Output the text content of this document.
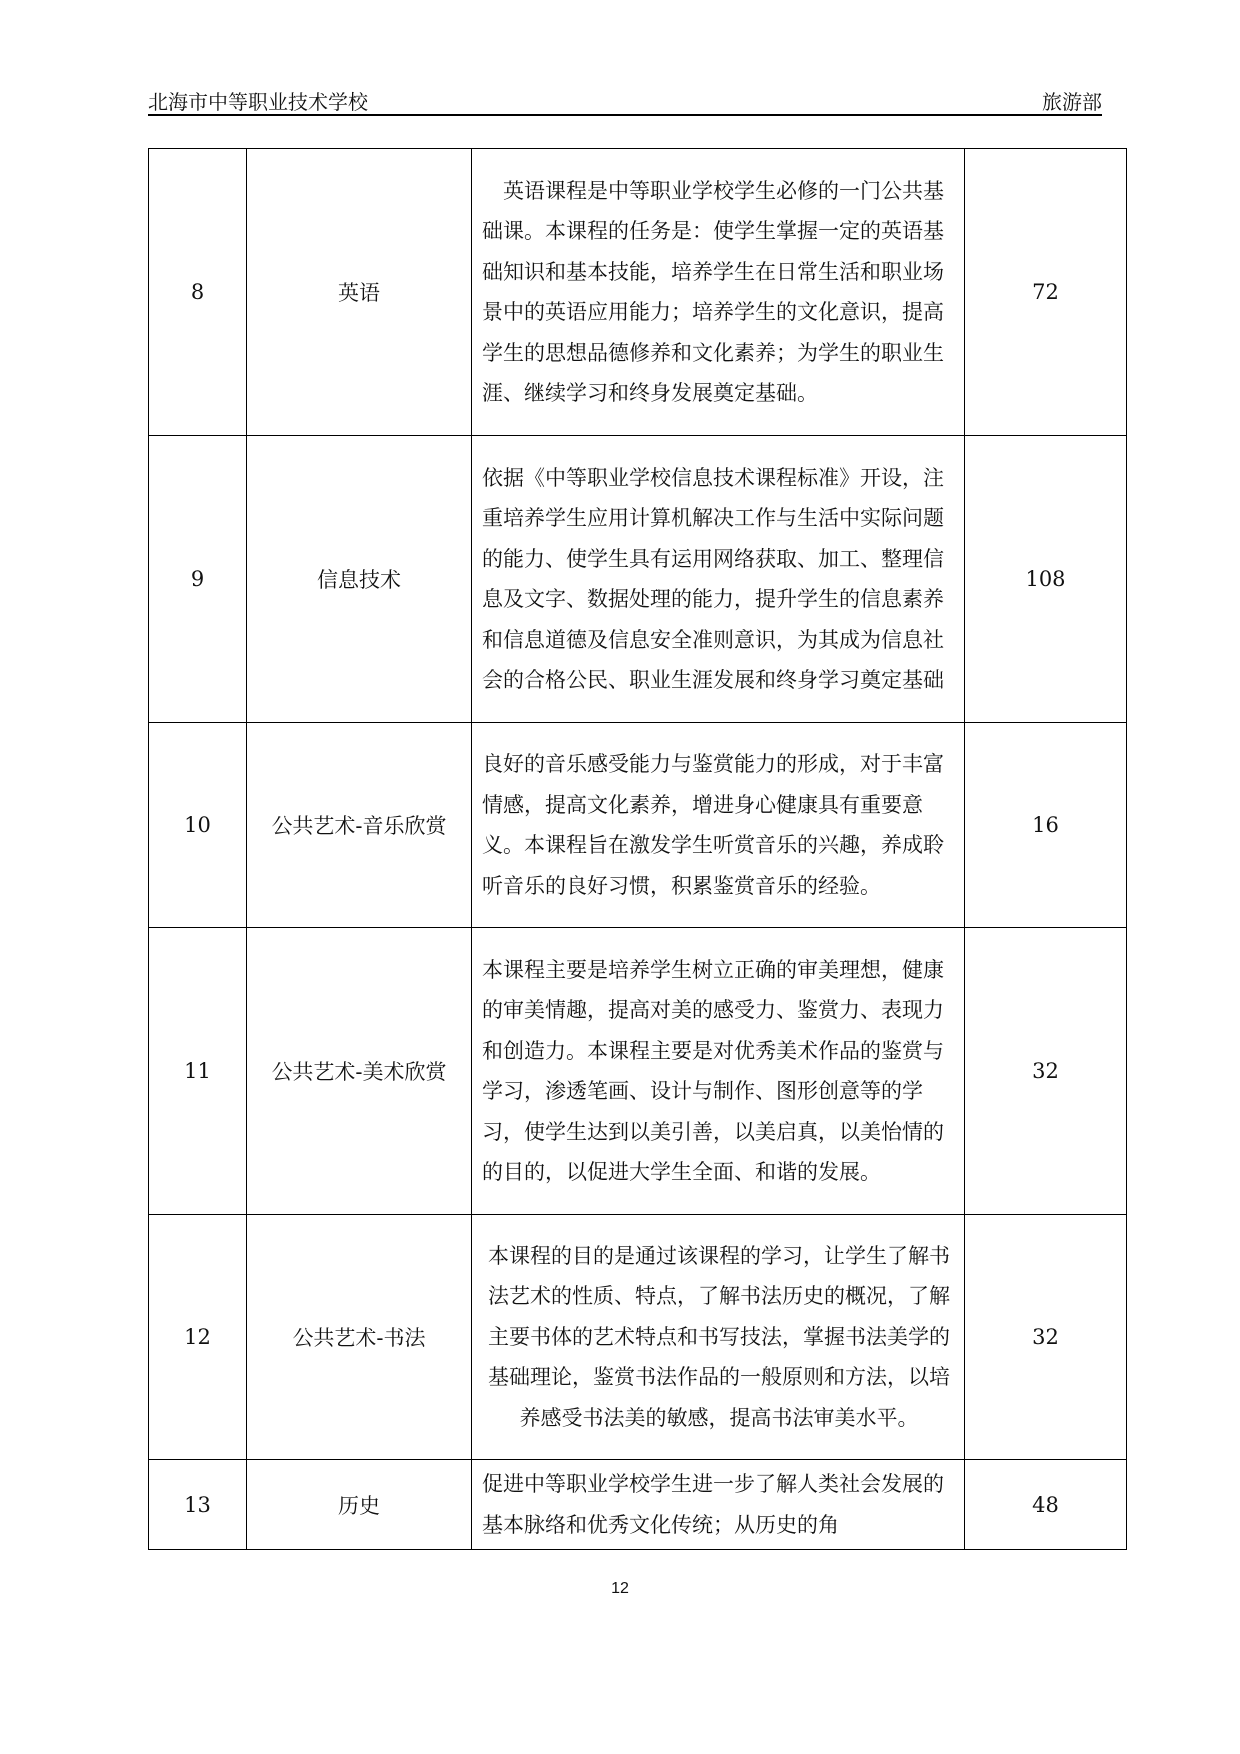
北海市中等职业技术学校	旅游部
8	英语	　英语课程是中等职业学校学生必修的一门公共基础课。本课程的任务是：使学生掌握一定的英语基础知识和基本技能，培养学生在日常生活和职业场景中的英语应用能力；培养学生的文化意识，提高学生的思想品德修养和文化素养；为学生的职业生涯、继续学习和终身发展奠定基础。	72
9	信息技术	依据《中等职业学校信息技术课程标准》开设，注重培养学生应用计算机解决工作与生活中实际问题的能力、使学生具有运用网络获取、加工、整理信息及文字、数据处理的能力，提升学生的信息素养和信息道德及信息安全准则意识，为其成为信息社会的合格公民、职业生涯发展和终身学习奠定基础	108
10	公共艺术-音乐欣赏	良好的音乐感受能力与鉴赏能力的形成，对于丰富情感，提高文化素养，增进身心健康具有重要意义。本课程旨在激发学生听赏音乐的兴趣，养成聆听音乐的良好习惯，积累鉴赏音乐的经验。	16
11	公共艺术-美术欣赏	本课程主要是培养学生树立正确的审美理想，健康的审美情趣，提高对美的感受力、鉴赏力、表现力和创造力。本课程主要是对优秀美术作品的鉴赏与学习，渗透笔画、设计与制作、图形创意等的学习，使学生达到以美引善，以美启真，以美怡情的的目的，以促进大学生全面、和谐的发展。	32
12	公共艺术-书法	本课程的目的是通过该课程的学习，让学生了解书法艺术的性质、特点，了解书法历史的概况，了解主要书体的艺术特点和书写技法，掌握书法美学的基础理论，鉴赏书法作品的一般原则和方法，以培养感受书法美的敏感，提高书法审美水平。	32
13	历史	促进中等职业学校学生进一步了解人类社会发展的基本脉络和优秀文化传统；从历史的角	48
12
